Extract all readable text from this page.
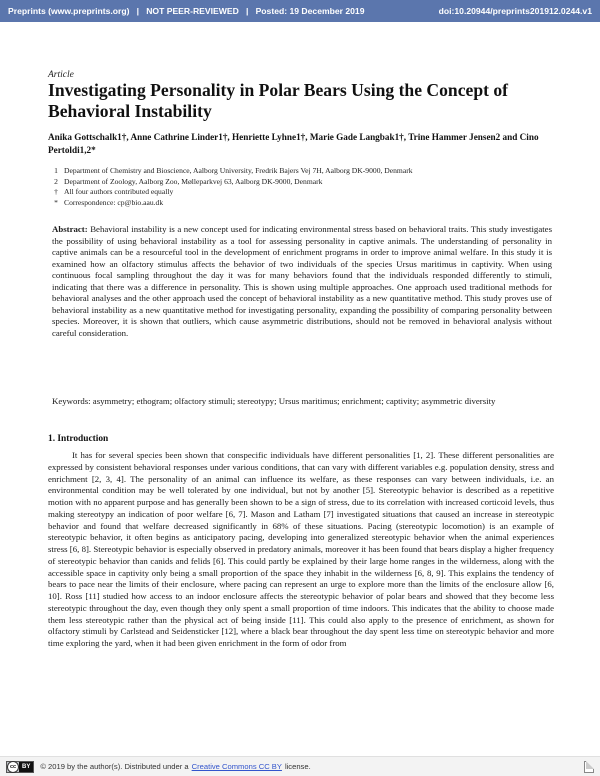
Preprints (www.preprints.org) | NOT PEER-REVIEWED | Posted: 19 December 2019	doi:10.20944/preprints201912.0244.v1
Article
Investigating Personality in Polar Bears Using the Concept of Behavioral Instability
Anika Gottschalk1†, Anne Cathrine Linder1†, Henriette Lyhne1†, Marie Gade Langbak1†, Trine Hammer Jensen2 and Cino Pertoldi1,2*
1 Department of Chemistry and Bioscience, Aalborg University, Fredrik Bajers Vej 7H, Aalborg DK-9000, Denmark
2 Department of Zoology, Aalborg Zoo, Mølleparkvej 63, Aalborg DK-9000, Denmark
† All four authors contributed equally
* Correspondence: cp@bio.aau.dk
Abstract: Behavioral instability is a new concept used for indicating environmental stress based on behavioral traits. This study investigates the possibility of using behavioral instability as a tool for assessing personality in captive animals. The understanding of personality in captive animals can be a resourceful tool in the development of enrichment programs in order to improve animal welfare. In this study it is examined how an olfactory stimulus affects the behavior of two individuals of the species Ursus maritimus in captivity. When using continuous focal sampling throughout the day it was for many behaviors found that the individuals responded differently to stimuli, indicating that there was a difference in personality. This is shown using multiple approaches. One approach used traditional methods for behavioral analyses and the other approach used the concept of behavioral instability as a new quantitative method. This study proves use of behavioral instability as a new quantitative method for investigating personality, expanding the possibility of comparing personality between species. Moreover, it is shown that outliers, which cause asymmetric distributions, should not be removed in behavioral analysis without careful consideration.
Keywords: asymmetry; ethogram; olfactory stimuli; stereotypy; Ursus maritimus; enrichment; captivity; asymmetric diversity
1. Introduction

It has for several species been shown that conspecific individuals have different personalities [1, 2]. These different personalities are expressed by consistent behavioral responses under various conditions, that can vary with different variables e.g. population density, stress and enrichment [2, 3, 4]. The personality of an animal can influence its welfare, as these responses can vary between individuals, i.e. an environmental condition may be well tolerated by one individual, but not by another [5]. Stereotypic behavior is described as a repetitive motion with no apparent purpose and has generally been shown to be a sign of stress, due to its correlation with increased corticoid levels, thus making stereotypy an indication of poor welfare [6, 7]. Mason and Latham [7] investigated situations that caused an increase in stereotypic behavior and found that welfare decreased significantly in 68% of these situations. Pacing (stereotypic locomotion) is an example of stereotypic behavior, it often begins as anticipatory pacing, developing into generalized stereotypic behavior when the animal experiences stress [6, 8]. Stereotypic behavior is especially observed in predatory animals, moreover it has been found that bears display a higher frequency of stereotypic behavior than canids and felids [6]. This could partly be explained by their large home ranges in the wilderness, along with the accessible space in captivity only being a small proportion of the space they inhabit in the wilderness [6, 8, 9]. This explains the tendency of bears to pace near the limits of their enclosure, where pacing can represent an urge to explore more than the limits of the enclosure allow [6, 10]. Ross [11] studied how access to an indoor enclosure affects the stereotypic behavior of polar bears and showed that they become less stereotypic throughout the day, even though they only spent a small proportion of time indoors. This indicates that the ability to choose made them less stereotypic rather than the physical act of being inside [11]. This could also apply to the presence of enrichment, as shown for olfactory stimuli by Carlstead and Seidensticker [12], where a black bear throughout the day spent less time on stereotypic behavior and more time exploring the yard, when it had been given enrichment in the form of odor from

cc BY	© 2019 by the author(s). Distributed under a Creative Commons CC BY license.
